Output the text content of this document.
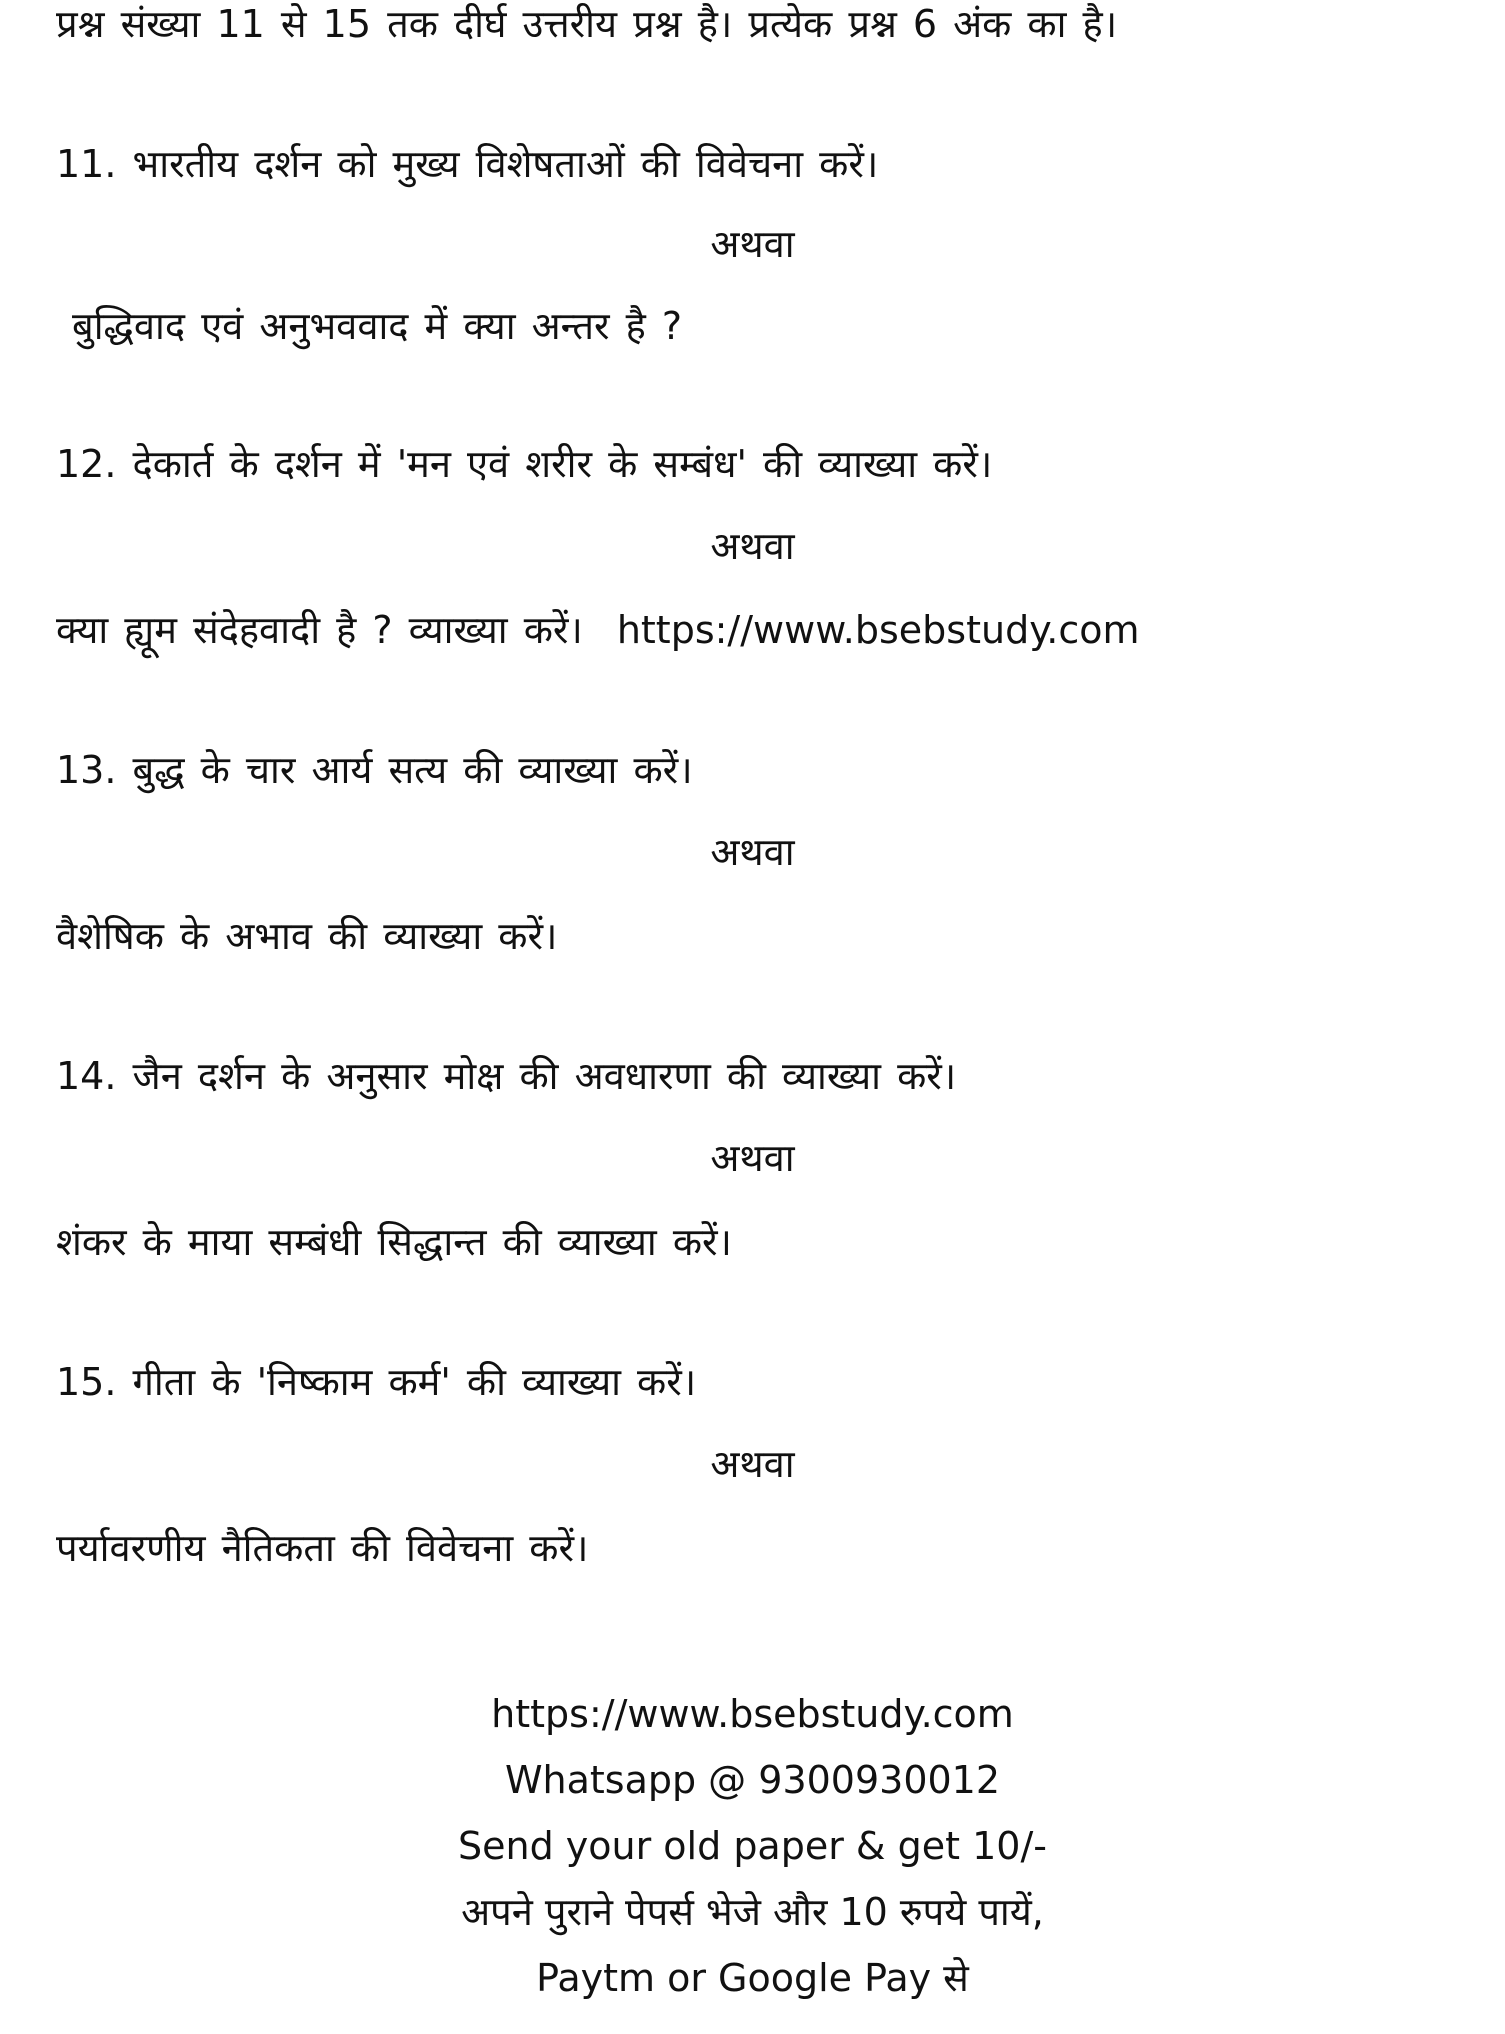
प्रश्न संख्या 11 से 15 तक दीर्घ उत्तरीय प्रश्न है। प्रत्येक प्रश्न 6 अंक का है।
11. भारतीय दर्शन को मुख्य विशेषताओं की विवेचना करें।
अथवा
बुद्धिवाद एवं अनुभववाद में क्या अन्तर है ?
12. देकार्त के दर्शन में 'मन एवं शरीर के सम्बंध' की व्याख्या करें।
अथवा
क्या ह्यूम संदेहवादी है ? व्याख्या करें। https://www.bsebstudy.com
13. बुद्ध के चार आर्य सत्य की व्याख्या करें।
अथवा
वैशेषिक के अभाव की व्याख्या करें।
14. जैन दर्शन के अनुसार मोक्ष की अवधारणा की व्याख्या करें।
अथवा
शंकर के माया सम्बंधी सिद्धान्त की व्याख्या करें।
15. गीता के 'निष्काम कर्म' की व्याख्या करें।
अथवा
पर्यावरणीय नैतिकता की विवेचना करें।
https://www.bsebstudy.com
Whatsapp @ 9300930012
Send your old paper & get 10/-
अपने पुराने पेपर्स भेजे और 10 रुपये पायें,
Paytm or Google Pay से
